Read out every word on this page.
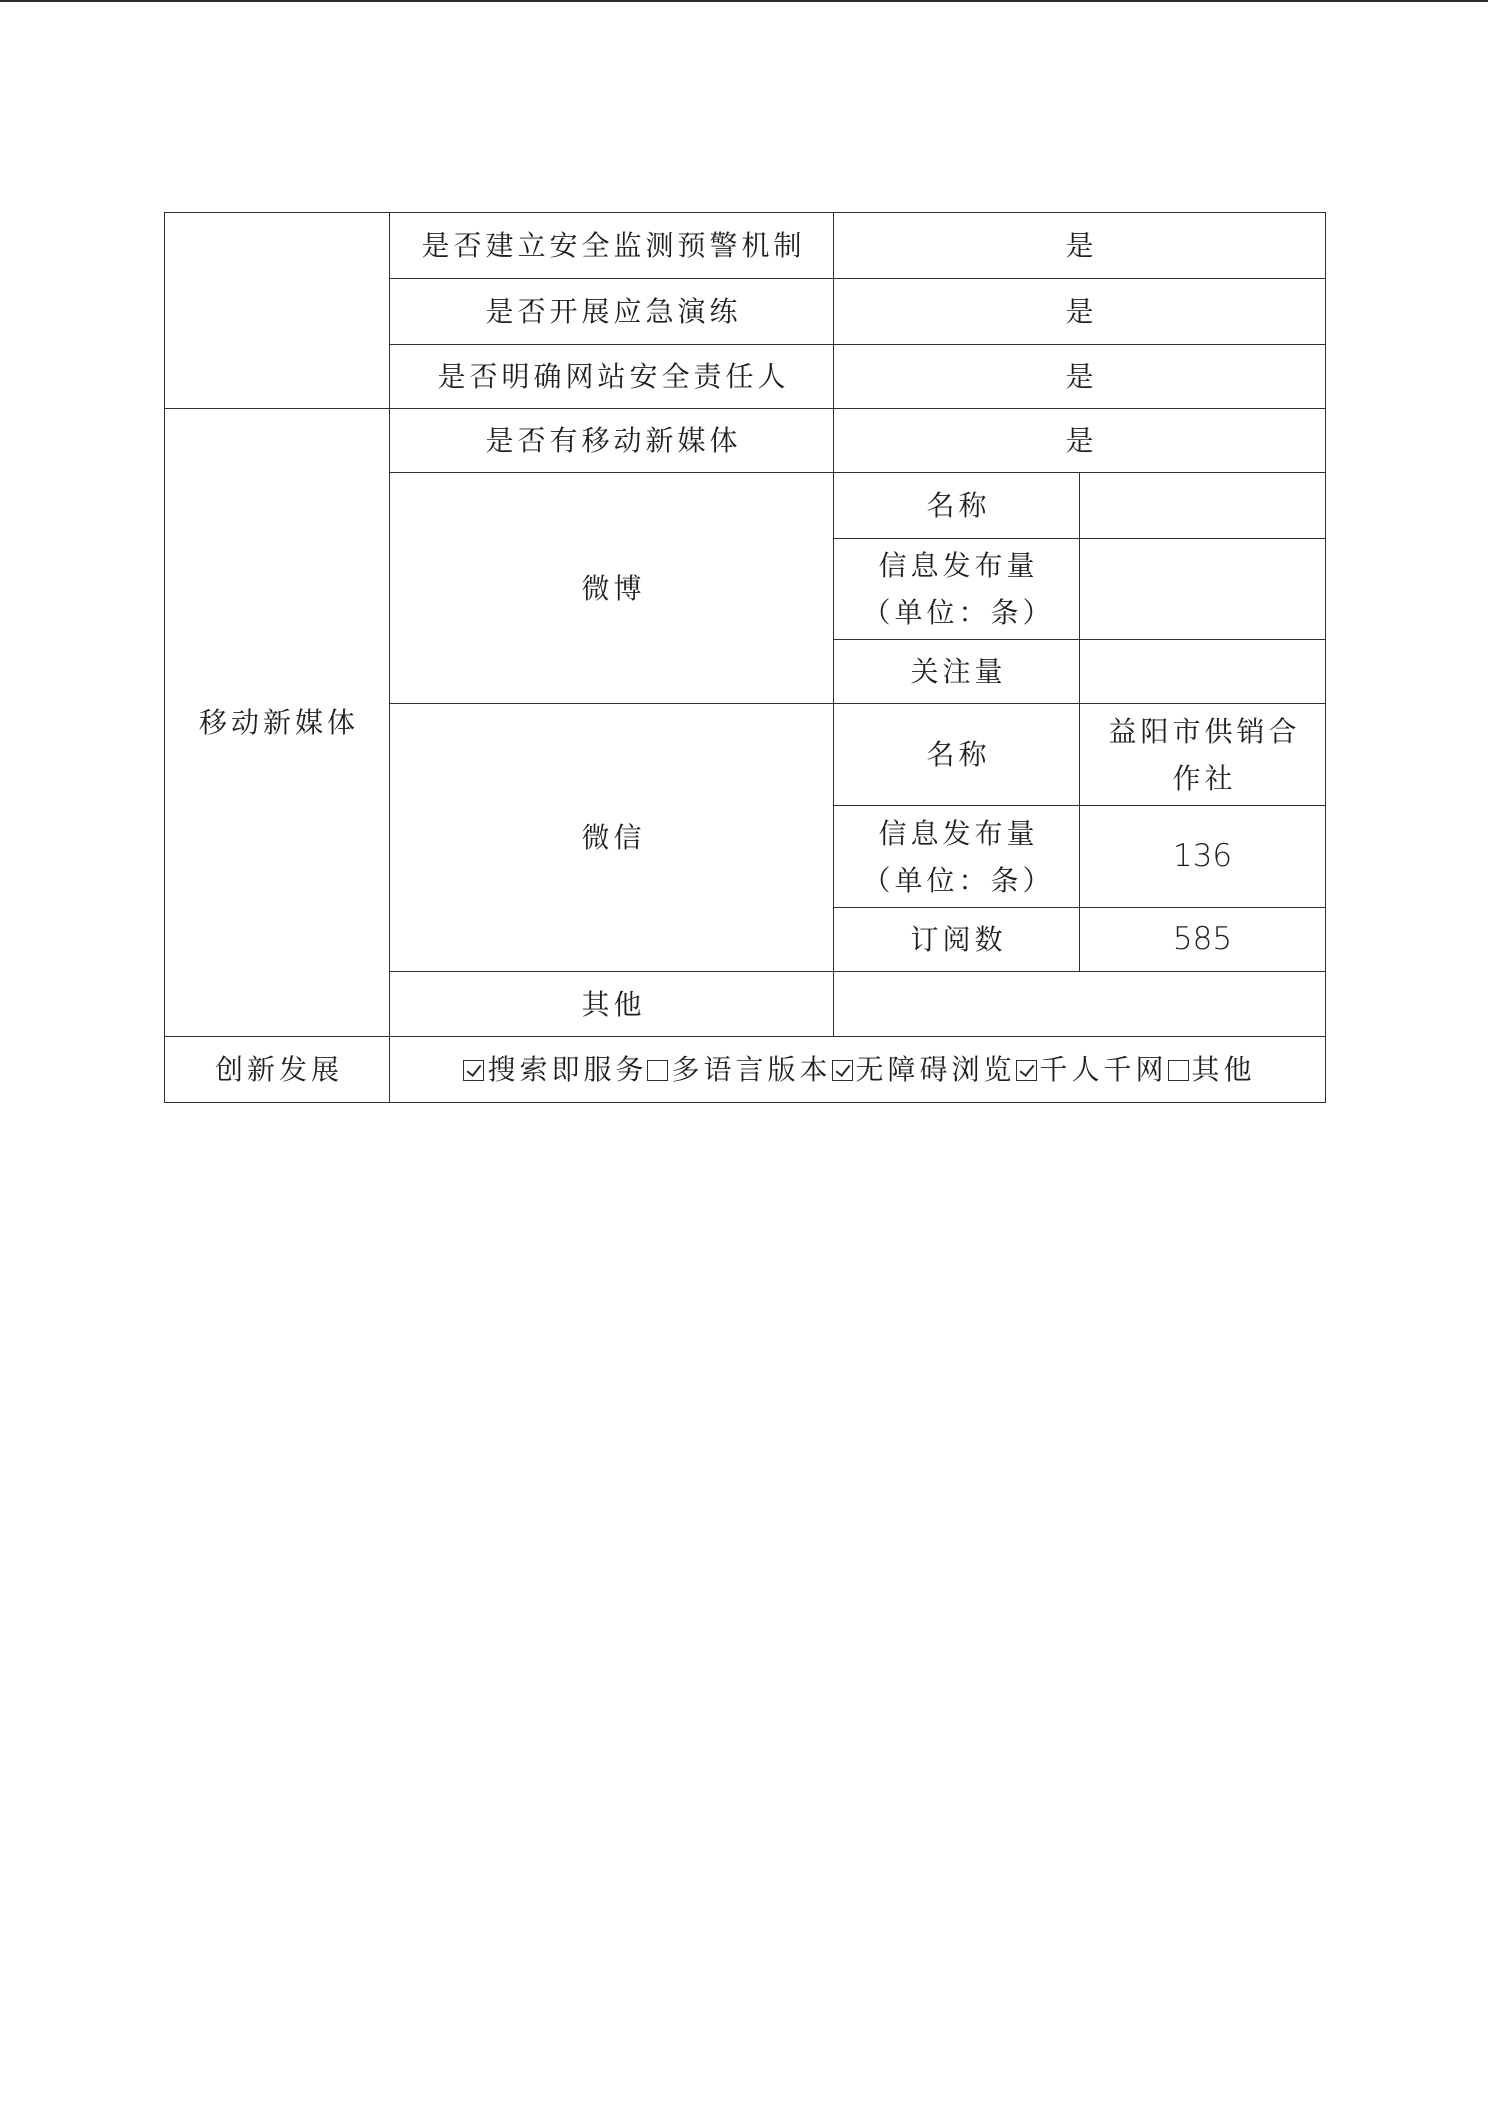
	是否建立安全监测预警机制	是	
	是否开展应急演练	是	
	是否明确网站安全责任人	是	
移动新媒体	是否有移动新媒体	是	
	微博	名称	

		信息发布量
（单位：条）	

		关注量	
	微信	名称	益阳市供销合作社

		信息发布量
（单位：条）	136
		订阅数	585
	其他		
创新发展	搜索即服务 多语言版本 无障碍浏览 千人千网 其他		
